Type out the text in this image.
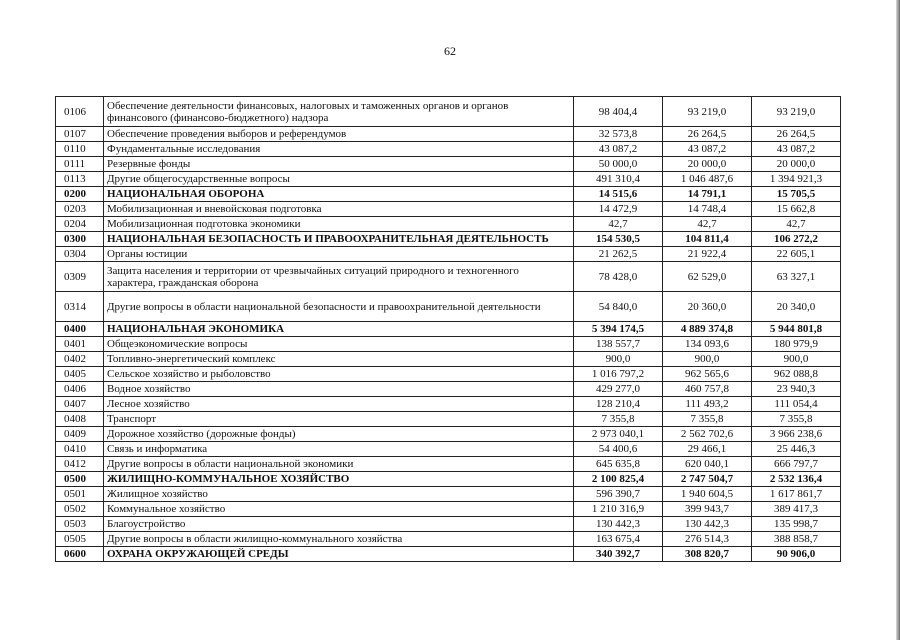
62
0106	Обеспечение деятельности финансовых, налоговых и таможенных органов и органов финансового (финансово-бюджетного) надзора	98 404,4	93 219,0	93 219,0
0107	Обеспечение проведения выборов и референдумов	32 573,8	26 264,5	26 264,5
0110	Фундаментальные исследования	43 087,2	43 087,2	43 087,2
0111	Резервные фонды	50 000,0	20 000,0	20 000,0
0113	Другие общегосударственные вопросы	491 310,4	1 046 487,6	1 394 921,3
0200	НАЦИОНАЛЬНАЯ ОБОРОНА	14 515,6	14 791,1	15 705,5
0203	Мобилизационная и вневойсковая подготовка	14 472,9	14 748,4	15 662,8
0204	Мобилизационная подготовка экономики	42,7	42,7	42,7
0300	НАЦИОНАЛЬНАЯ БЕЗОПАСНОСТЬ И ПРАВООХРАНИТЕЛЬНАЯ ДЕЯТЕЛЬНОСТЬ	154 530,5	104 811,4	106 272,2
0304	Органы юстиции	21 262,5	21 922,4	22 605,1
0309	Защита населения и территории от чрезвычайных ситуаций природного и техногенного характера, гражданская оборона	78 428,0	62 529,0	63 327,1
0314	Другие вопросы в области национальной безопасности и правоохранительной деятельности	54 840,0	20 360,0	20 340,0
0400	НАЦИОНАЛЬНАЯ ЭКОНОМИКА	5 394 174,5	4 889 374,8	5 944 801,8
0401	Общеэкономические вопросы	138 557,7	134 093,6	180 979,9
0402	Топливно-энергетический комплекс	900,0	900,0	900,0
0405	Сельское хозяйство и рыболовство	1 016 797,2	962 565,6	962 088,8
0406	Водное хозяйство	429 277,0	460 757,8	23 940,3
0407	Лесное хозяйство	128 210,4	111 493,2	111 054,4
0408	Транспорт	7 355,8	7 355,8	7 355,8
0409	Дорожное хозяйство (дорожные фонды)	2 973 040,1	2 562 702,6	3 966 238,6
0410	Связь и информатика	54 400,6	29 466,1	25 446,3
0412	Другие вопросы в области национальной экономики	645 635,8	620 040,1	666 797,7
0500	ЖИЛИЩНО-КОММУНАЛЬНОЕ ХОЗЯЙСТВО	2 100 825,4	2 747 504,7	2 532 136,4
0501	Жилищное хозяйство	596 390,7	1 940 604,5	1 617 861,7
0502	Коммунальное хозяйство	1 210 316,9	399 943,7	389 417,3
0503	Благоустройство	130 442,3	130 442,3	135 998,7
0505	Другие вопросы в области жилищно-коммунального хозяйства	163 675,4	276 514,3	388 858,7
0600	ОХРАНА ОКРУЖАЮЩЕЙ СРЕДЫ	340 392,7	308 820,7	90 906,0
